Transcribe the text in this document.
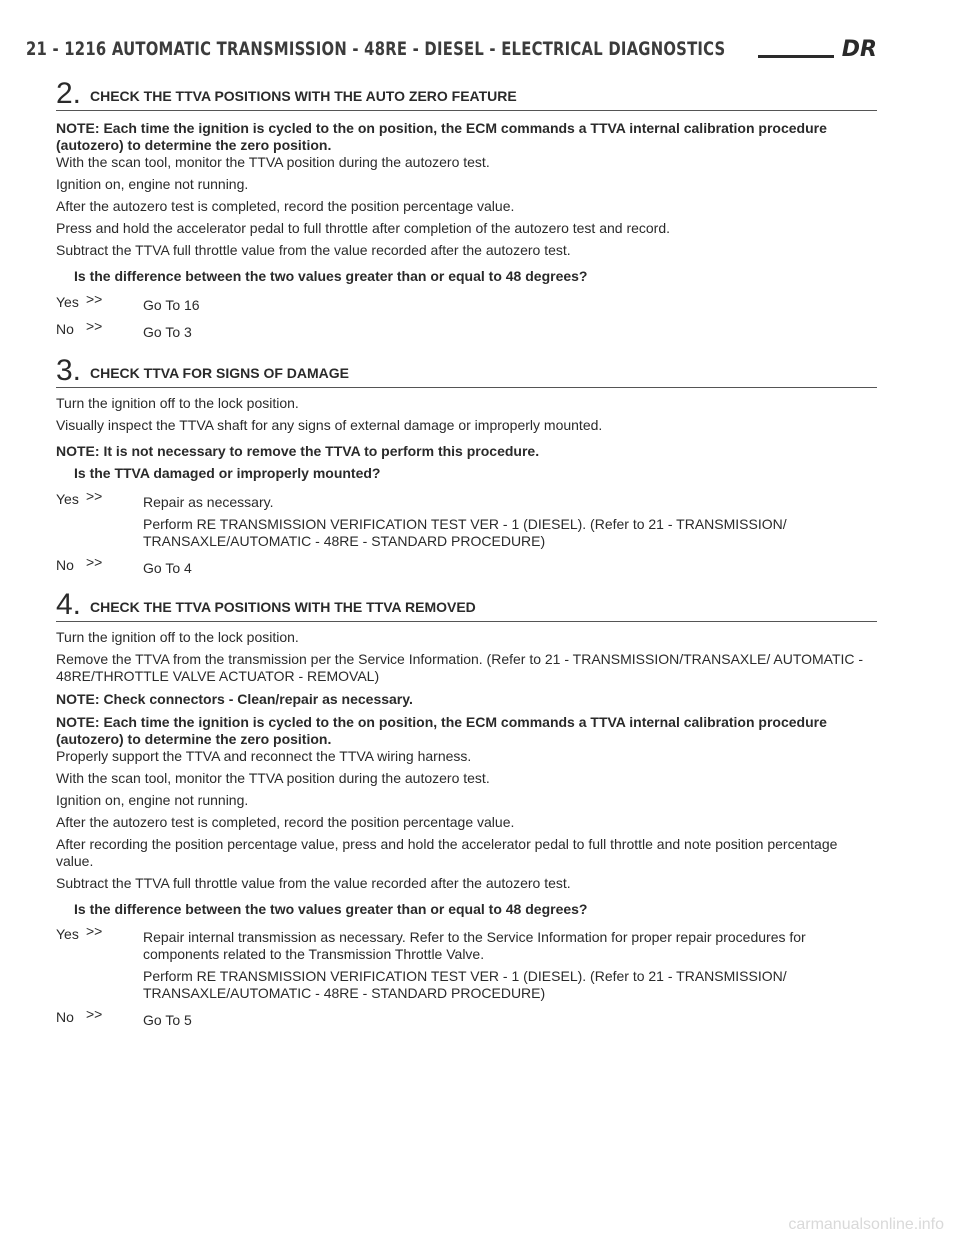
21 - 1216 AUTOMATIC TRANSMISSION - 48RE - DIESEL - ELECTRICAL DIAGNOSTICS	DR
2. CHECK THE TTVA POSITIONS WITH THE AUTO ZERO FEATURE

NOTE: Each time the ignition is cycled to the on position, the ECM commands a TTVA internal calibration procedure (autozero) to determine the zero position.

With the scan tool, monitor the TTVA position during the autozero test.

Ignition on, engine not running.

After the autozero test is completed, record the position percentage value.

Press and hold the accelerator pedal to full throttle after completion of the autozero test and record.

Subtract the TTVA full throttle value from the value recorded after the autozero test.

Is the difference between the two values greater than or equal to 48 degrees?

Yes >>	Go To 16
No >>	Go To 3
3. CHECK TTVA FOR SIGNS OF DAMAGE

Turn the ignition off to the lock position.

Visually inspect the TTVA shaft for any signs of external damage or improperly mounted.

NOTE: It is not necessary to remove the TTVA to perform this procedure.

Is the TTVA damaged or improperly mounted?

Yes >>	Repair as necessary.
Perform RE TRANSMISSION VERIFICATION TEST VER - 1 (DIESEL). (Refer to 21 - TRANSMISSION/ TRANSAXLE/AUTOMATIC - 48RE - STANDARD PROCEDURE)
No >>	Go To 4
4. CHECK THE TTVA POSITIONS WITH THE TTVA REMOVED

Turn the ignition off to the lock position.

Remove the TTVA from the transmission per the Service Information. (Refer to 21 - TRANSMISSION/TRANSAXLE/ AUTOMATIC - 48RE/THROTTLE VALVE ACTUATOR - REMOVAL)

NOTE: Check connectors - Clean/repair as necessary.

NOTE: Each time the ignition is cycled to the on position, the ECM commands a TTVA internal calibration procedure (autozero) to determine the zero position.

Properly support the TTVA and reconnect the TTVA wiring harness.

With the scan tool, monitor the TTVA position during the autozero test.

Ignition on, engine not running.

After the autozero test is completed, record the position percentage value.

After recording the position percentage value, press and hold the accelerator pedal to full throttle and note position percentage value.

Subtract the TTVA full throttle value from the value recorded after the autozero test.

Is the difference between the two values greater than or equal to 48 degrees?

Yes >>	Repair internal transmission as necessary. Refer to the Service Information for proper repair procedures for components related to the Transmission Throttle Valve.
Perform RE TRANSMISSION VERIFICATION TEST VER - 1 (DIESEL). (Refer to 21 - TRANSMISSION/ TRANSAXLE/AUTOMATIC - 48RE - STANDARD PROCEDURE)
No >>	Go To 5
carmanualsonline.info
